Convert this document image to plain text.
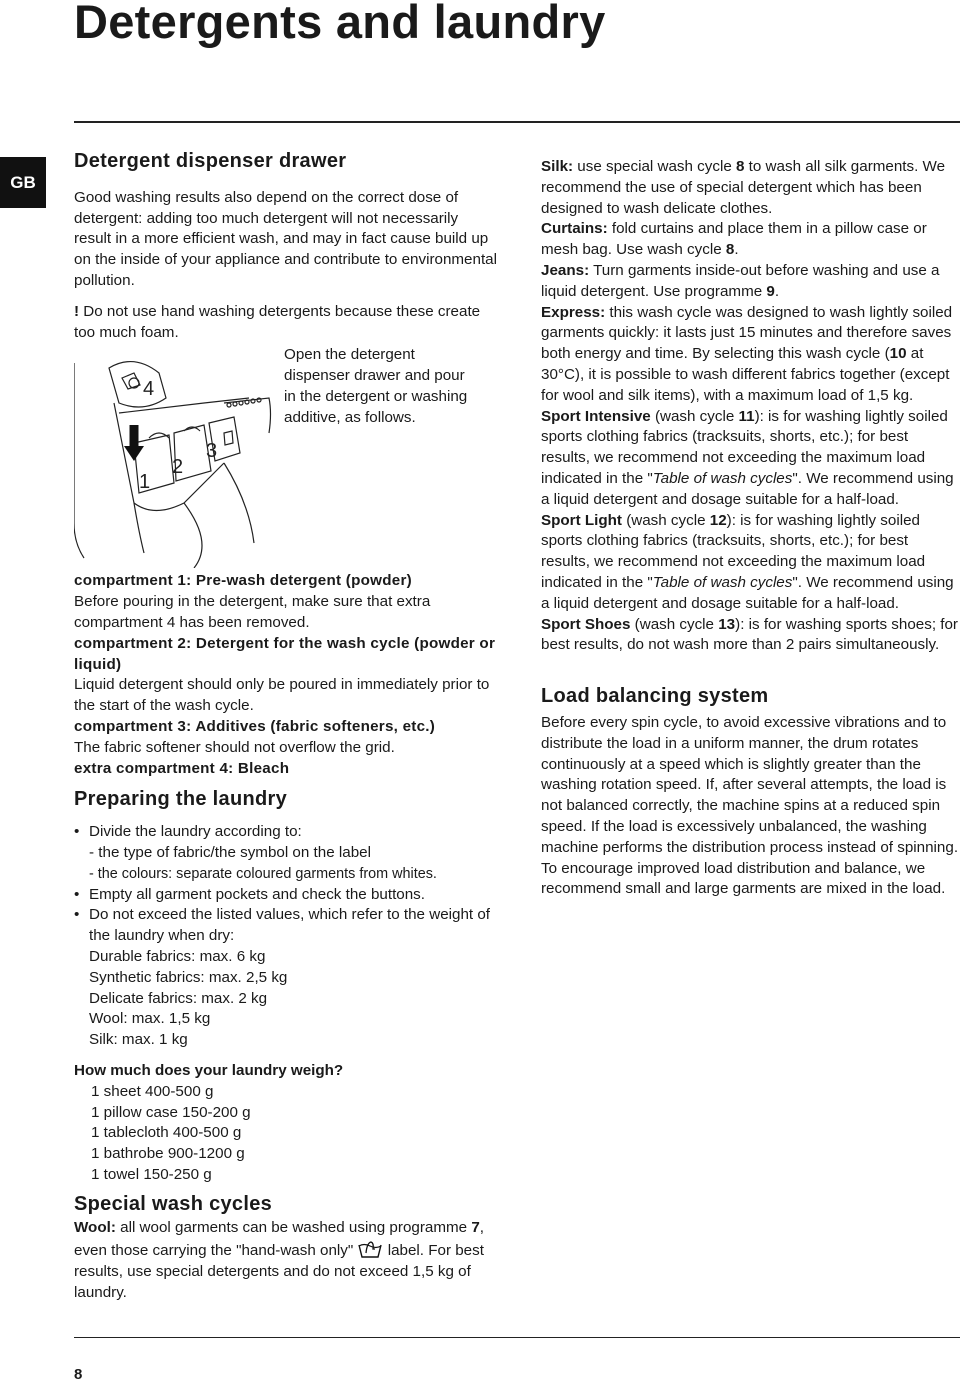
Detergents and laundry
GB
Detergent dispenser drawer

Good washing results also depend on the correct dose of detergent: adding too much detergent will not necessarily result in a more efficient wash, and may in fact cause build up on the inside of your appliance and contribute to environmental pollution.

! Do not use hand washing detergents because these create too much foam.

1
2
3
4

Open the detergent dispenser drawer and pour in the detergent or washing additive, as follows.

compartment 1: Pre-wash detergent (powder)

Before pouring in the detergent, make sure that extra compartment 4 has been removed.

compartment 2: Detergent for the wash cycle (powder or liquid)

Liquid detergent should only be poured in immediately prior to the start of the wash cycle.

compartment 3: Additives (fabric softeners, etc.)

The fabric softener should not overflow the grid.

extra compartment 4: Bleach

Preparing the laundry
• Divide the laundry according to:
- the type of fabric/the symbol on the label
- the colours: separate coloured garments from whites.
• Empty all garment pockets and check the buttons.
• Do not exceed the listed values, which refer to the weight of the laundry when dry:
Durable fabrics: max. 6 kg
Synthetic fabrics: max. 2,5 kg
Delicate fabrics: max. 2 kg
Wool: max. 1,5 kg
Silk: max. 1 kg

How much does your laundry weigh?

1 sheet 400-500 g
1 pillow case 150-200 g
1 tablecloth 400-500 g
1 bathrobe 900-1200 g
1 towel 150-250 g
Special wash cycles

Wool: all wool garments can be washed using programme 7, even those carrying the "hand-wash only"  label. For best results, use special detergents and do not exceed 1,5 kg of laundry.

Silk: use special wash cycle 8 to wash all silk garments. We recommend the use of special detergent which has been designed to wash delicate clothes.

Curtains: fold curtains and place them in a pillow case or mesh bag. Use wash cycle 8.

Jeans: Turn garments inside-out before washing and use a liquid detergent. Use programme 9.

Express: this wash cycle was designed to wash lightly soiled garments quickly: it lasts just 15 minutes and therefore saves both energy and time. By selecting this wash cycle (10 at 30°C), it is possible to wash different fabrics together (except for wool and silk items), with a maximum load of 1,5 kg.

Sport Intensive (wash cycle 11): is for washing lightly soiled sports clothing fabrics (tracksuits, shorts, etc.); for best results, we recommend not exceeding the maximum load indicated in the "Table of wash cycles". We recommend using a liquid detergent and dosage suitable for a half-load.

Sport Light (wash cycle 12): is for washing lightly soiled sports clothing fabrics (tracksuits, shorts, etc.); for best results, we recommend not exceeding the maximum load indicated in the "Table of wash cycles". We recommend using a liquid detergent and dosage suitable for a half-load.

Sport Shoes (wash cycle 13): is for washing sports shoes; for best results, do not wash more than 2 pairs simultaneously.

Load balancing system

Before every spin cycle, to avoid excessive vibrations and to distribute the load in a uniform manner, the drum rotates continuously at a speed which is slightly greater than the washing rotation speed. If, after several attempts, the load is not balanced correctly, the machine spins at a reduced spin speed. If the load is excessively unbalanced, the washing machine performs the distribution process instead of spinning. To encourage improved load distribution and balance, we recommend small and large garments are mixed in the load.

8
